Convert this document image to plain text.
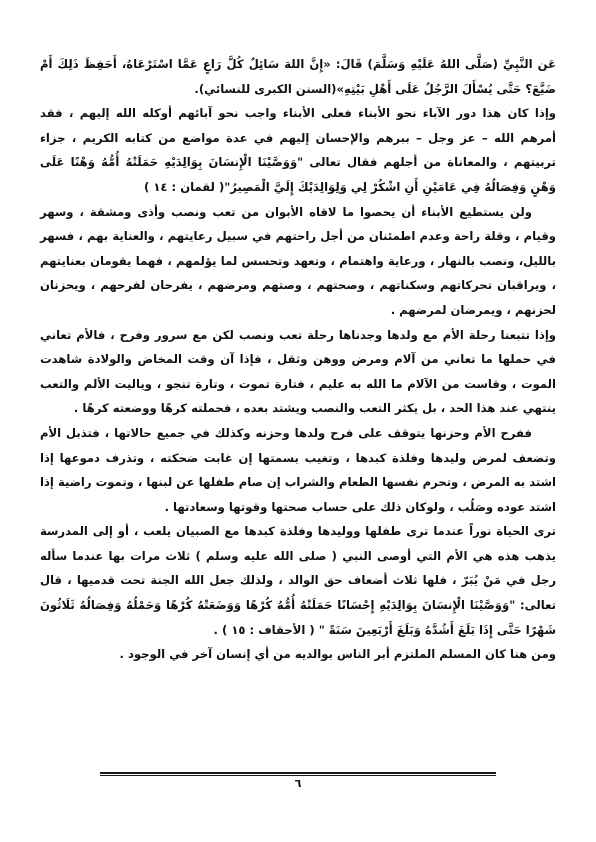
عَن النَّبِيِّ (صَلَّى اللهُ عَلَيْهِ وَسَلَّمَ) قَالَ: «إِنَّ اللهَ سَائِلٌ كُلَّ رَاعٍ عَمَّا اسْتَرْعَاهُ، أَحَفِظَ ذَلِكَ أَمْ ضَيَّعَ؟ حَتَّى يُسْأَلَ الرَّجُلُ عَلَى أَهْلِ بَيْتِهِ»(السنن الكبرى للنسائي).

وإذا كان هذا دور الآباء نحو الأبناء فعلى الأبناء واجب نحو آبائهم أوكله الله إليهم ، فقد أمرهم الله – عز وجل – ببرهم والإحسان إليهم في عدة مواضع من كتابه الكريم ، جزاء تربيتهم ، والمعاناة من أجلهم فقال تعالى "وَوَصَّيْنَا الْإِنسَانَ بِوَالِدَيْهِ حَمَلَتْهُ أُمُّهُ وَهْنًا عَلَى وَهْنٍ وَفِصَالُهُ فِي عَامَيْنِ أَنِ اشْكُرْ لِي وَلِوَالِدَيْكَ إِلَيَّ الْمَصِيرُ"( لقمان : ١٤ )

ولن يستطيع الأبناء أن يحصوا ما لاقاه الأبوان من تعب ونصب وأذى ومشقة ، وسهر وقيام ، وقلة راحة وعدم اطمئنان من أجل راحتهم في سبيل رعايتهم ، والعناية بهم ، فسهر بالليل، ونصب بالنهار ، ورعاية واهتمام ، وتعهد وتحسس لما يؤلمهم ، فهما يقومان بعنايتهم ، ويراقبان تحركاتهم وسكناتهم ، وصحتهم ، وصتهم ومرضهم ، يفرحان لفرحهم ، ويحزنان لحزنهم ، ويمرضان لمرضهم .

وإذا تتبعنا رحلة الأم مع ولدها وجدناها رحلة تعب ونصب لكن مع سرور وفرح ، فالأم تعاني في حملها ما تعاني من آلام ومرض ووهن وثقل ، فإذا آن وقت المخاض والولادة شاهدت الموت ، وقاست من الآلام ما الله به عليم ، فتارة تموت ، وتارة تنجو ، وياليت الألم والتعب ينتهي عند هذا الحد ، بل يكثر التعب والنصب ويشتد بعده ، فحملته كرهًا ووضعته كرهًا .

ففرح الأم وحزنها يتوقف على فرح ولدها وحزنه وكذلك في جميع حالاتها ، فتذبل الأم وتضعف لمرض وليدها وفلذة كبدها ، وتغيب بسمتها إن غابت ضحكته ، وتذرف دموعها إذا اشتد به المرض ، وتحرم نفسها الطعام والشراب إن صام طفلها عن لبنها ، وتموت راضية إذا اشتد عوده وصَلُب ، ولوكان ذلك على حساب صحتها وقوتها وسعادتها .

ترى الحياة نوراً عندما ترى طفلها ووليدها وفلذة كبدها مع الصبيان يلعب ، أو إلى المدرسة يذهب هذه هي الأم التي أوصى النبي ( صلى الله عليه وسلم ) ثلاث مرات بها عندما سأله رجل في مَنْ يُبَرّ ، فلها ثلاث أضعاف حق الوالد ، ولذلك جعل الله الجنة تحت قدميها ، قال تعالى: "وَوَصَّيْنَا الْإِنسَانَ بِوَالِدَيْهِ إِحْسَانًا حَمَلَتْهُ أُمُّهُ كُرْهًا وَوَضَعَتْهُ كُرْهًا وَحَمْلُهُ وَفِصَالُهُ ثَلَاثُونَ شَهْرًا حَتَّى إِذَا بَلَغَ أَشُدَّهُ وَبَلَغَ أَرْبَعِينَ سَنَةً " ( الأحقاف : ١٥ ) .

ومن هنا كان المسلم الملتزم أبر الناس بوالديه من أي إنسان آخر في الوجود .

٦
